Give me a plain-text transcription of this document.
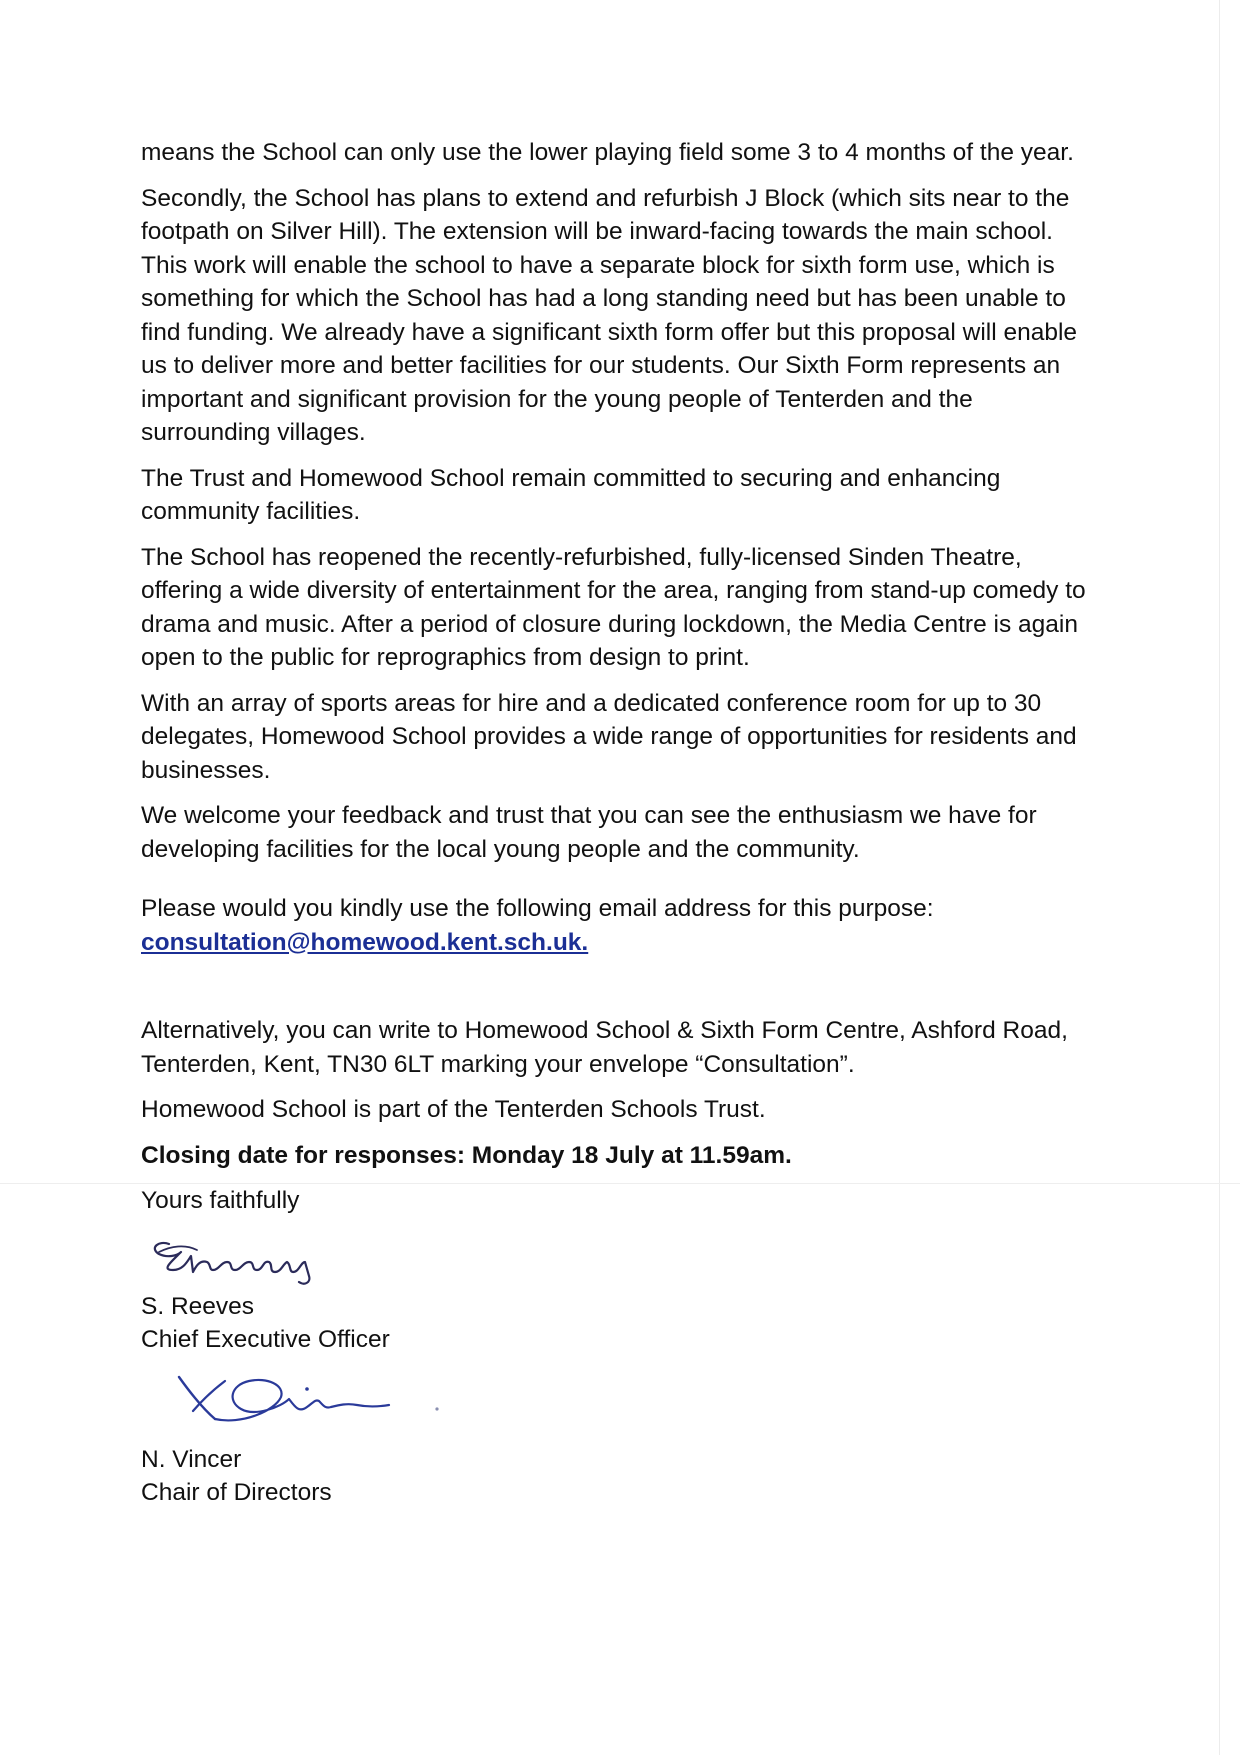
means the School can only use the lower playing field some 3 to 4 months of the year.

Secondly, the School has plans to extend and refurbish J Block (which sits near to the footpath on Silver Hill). The extension will be inward-facing towards the main school. This work will enable the school to have a separate block for sixth form use, which is something for which the School has had a long standing need but has been unable to find funding. We already have a significant sixth form offer but this proposal will enable us to deliver more and better facilities for our students. Our Sixth Form represents an important and significant provision for the young people of Tenterden and the surrounding villages.

The Trust and Homewood School remain committed to securing and enhancing community facilities.

The School has reopened the recently-refurbished, fully-licensed Sinden Theatre, offering a wide diversity of entertainment for the area, ranging from stand-up comedy to drama and music. After a period of closure during lockdown, the Media Centre is again open to the public for reprographics from design to print.

With an array of sports areas for hire and a dedicated conference room for up to 30 delegates, Homewood School provides a wide range of opportunities for residents and businesses.

We welcome your feedback and trust that you can see the enthusiasm we have for developing facilities for the local young people and the community.

Please would you kindly use the following email address for this purpose:
consultation@homewood.kent.sch.uk.

Alternatively, you can write to Homewood School & Sixth Form Centre, Ashford Road, Tenterden, Kent, TN30 6LT marking your envelope “Consultation”.

Homewood School is part of the Tenterden Schools Trust.

Closing date for responses: Monday 18 July at 11.59am.

Yours faithfully

S. Reeves

Chief Executive Officer

N. Vincer

Chair of Directors
